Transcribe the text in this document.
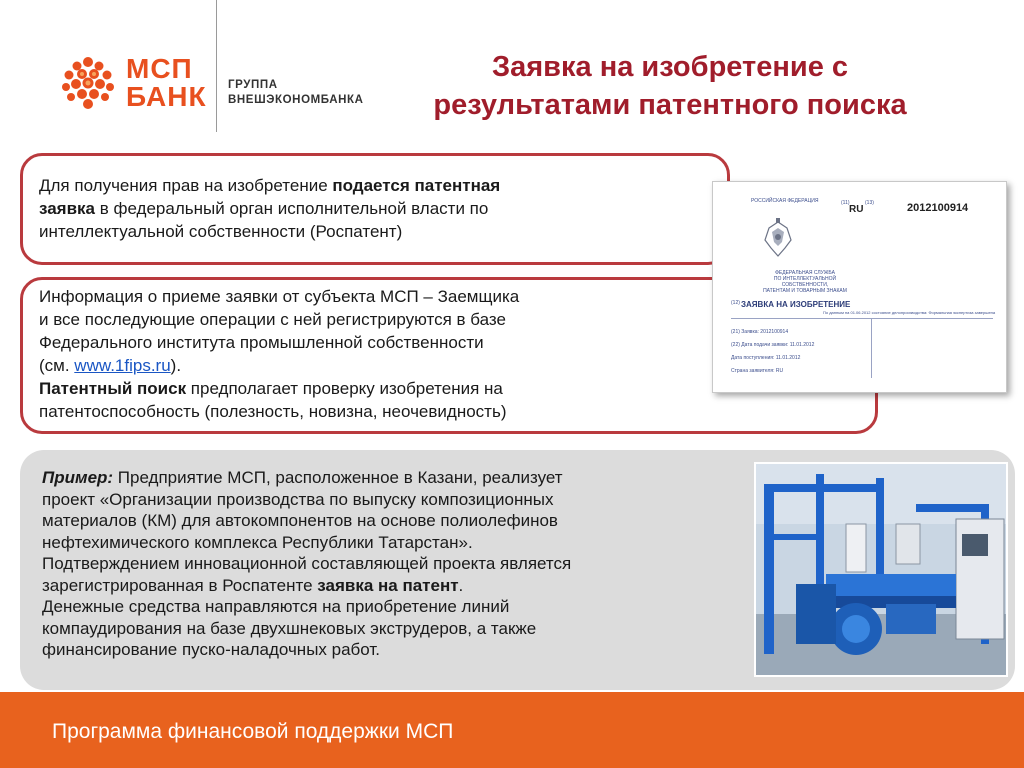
МСП
БАНК ГРУППА
ВНЕШЭКОНОМБАНКА
Заявка на изобретение с
результатами патентного поиска
Для получения прав на изобретение подается патентная
заявка в федеральный орган исполнительной власти по
интеллектуальной собственности (Роспатент)
Информация о приеме заявки от субъекта МСП – Заемщика
и все последующие операции с ней регистрируются в базе
Федерального института промышленной собственности
(см. www.1fips.ru).
Патентный поиск предполагает проверку изобретения на
патентоспособность (полезность, новизна, неочевидность)
РОССИЙСКАЯ ФЕДЕРАЦИЯ	(11)	(13)
RU	2012100914
ФЕДЕРАЛЬНАЯ СЛУЖБА
ПО ИНТЕЛЛЕКТУАЛЬНОЙ СОБСТВЕННОСТИ,
ПАТЕНТАМ И ТОВАРНЫМ ЗНАКАМ
(12) ЗАЯВКА НА ИЗОБРЕТЕНИЕ
По данным на 01.06.2012 состояние делопроизводства: Формальная экспертиза завершена
(21) Заявка: 2012100914
(22) Дата подачи заявки: 11.01.2012
Дата поступления: 11.01.2012
Страна заявителя: RU
Пример: Предприятие МСП, расположенное в Казани, реализует
проект «Организации производства по выпуску композиционных
материалов (КМ) для автокомпонентов на основе полиолефинов
нефтехимического комплекса Республики Татарстан».
Подтверждением инновационной составляющей проекта является
зарегистрированная в Роспатенте заявка на патент.
Денежные средства направляются на приобретение линий
компаудирования на базе двухшнековых экструдеров, а также
финансирование пуско-наладочных работ.
Программа финансовой поддержки МСП
